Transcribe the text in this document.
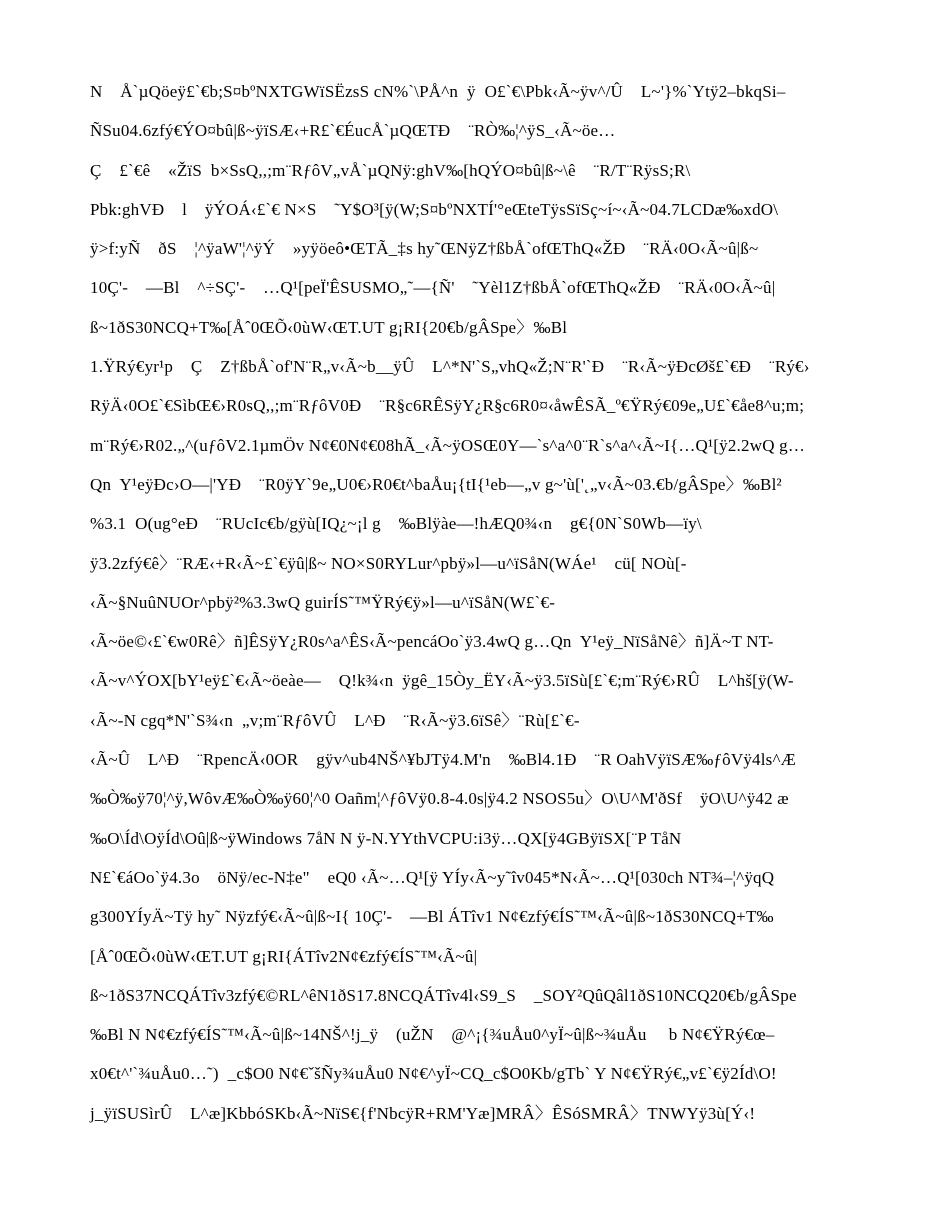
N    Å`µQöeÿ£`€b;S¤bºNXTGWïSËzsS cN%`\PÅ^n  ÿ  O£`€\Pbk‹Ã~ÿv^/Û    L~'}%`Ytÿ2–bkqSi–
ÑSu04.6zfý€ÝO¤bû|ß~ÿïSÆ‹+R£`€ÉucÅ`µQŒTÐ    ¨RÒ‰¦^ÿS_‹Ã~öe…
Ç    £`€ê    «ŽïS  b×SsQ,,;m¨RƒôV„vÅ`µQNÿ:ghV‰[hQÝO¤bû|ß~\ê    ¨R/T¨RÿsS;R\
Pbk:ghVÐ    l    ÿÝOÁ‹£`€ N×S    ˜Y$O³[ÿ(W;S¤bºNXTÍ'°eŒteTÿsSïSç~í~‹Ã~04.7LCDæ‰xdO\
ÿ>f:yÑ    ðS    ¦^ÿaW'¦^ÿÝ    »yÿöeô•ŒTÃ_‡s hy˜ŒNÿZ†ßbÅ`ofŒThQ«ŽÐ    ¨RÄ‹0O‹Ã~û|ß~
10Ç'-    —Bl    ^÷SÇ'-    …Q¹[peÏ'ÊSUSMO„˜—{Ñ'    ˜Yèl1Z†ßbÅ`ofŒThQ«ŽÐ    ¨RÄ‹0O‹Ã~û|
ß~1ðS30NCQ+T‰[Åˆ0ŒÕ‹0ùW‹ŒT.UT g¡RI{20€b/gÂSpe〉‰Bl
1.ŸRý€yr¹p    Ç    Z†ßbÅ`of'N¨R„v‹Ã~b__ÿÛ    L^*N'`S„vhQ«Ž;N¨R'`Ð    ¨R‹Ã~ÿÐcØš£`€Ð    ¨Rý€›
RÿÄ‹0O£`€SìbŒ€›R0sQ,,;m¨RƒôV0Ð    ¨R§c6RÊSÿY¿R§c6R0¤‹åwÊSÃ_º€ŸRý€09e„U£`€åe8^u;m;
m¨Rý€›R02.„^(uƒôV2.1µmÖv N¢€0N¢€08hÃ_‹Ã~ÿOSŒ0Y—`s^a^0¨R`s^a^‹Ã~I{…Q¹[ÿ2.2wQ g…
Qn  Y¹eÿÐc›O—|'YÐ    ¨R0ÿY`9e„U0€›R0€t^baÅu¡{tI{¹eb—„v g~'ù['˛„v‹Ã~03.€b/gÂSpe〉‰Bl²
%3.1  O(ug°eÐ    ¨RUcIc€b/gÿù[IQ¿~¡l g    ‰Blÿàe—!hÆQ0¾‹n    g€{0N`S0Wb—ïy\
ÿ3.2zfý€ê〉¨RÆ‹+R‹Ã~£`€ÿû|ß~ NO×S0RYLur^pbÿ»l—u^ïSåN(WÁe¹    cü[ NOù[-
‹Ã~§NuûNUOr^pbÿ²%3.3wQ guirÍS˜™ŸRý€ÿ»l—u^ïSåN(W£`€-
‹Ã~öe©‹£`€w0Rê〉ñ]ÊSÿY¿R0s^a^ÊS‹Ã~pencáOo`ÿ3.4wQ g…Qn  Y¹eÿ_NïSåNê〉ñ]Ä~T NT-
‹Ã~v^ÝOX[bY¹eÿ£`€‹Ã~öeàe—    Q!k¾‹n  ÿgê_15Òy_ËY‹Ã~ÿ3.5ïSù[£`€;m¨Rý€›RÛ    L^hš[ÿ(W-
‹Ã~-N cgq*N'`S¾‹n  „v;m¨RƒôVÛ    L^Ð    ¨R‹Ã~ÿ3.6ïSê〉¨Rù[£`€-
‹Ã~Û    L^Ð    ¨RpencÄ‹0OR    gÿv^ub4NŠ^¥bJTÿ4.M'n    ‰Bl4.1Ð    ¨R OahVÿïSÆ‰ƒôVÿ4ls^Æ
‰Ò‰ÿ70¦^ÿ,WôvÆ‰Ò‰ÿ60¦^0 Oañm¦^ƒôVÿ0.8-4.0s|ÿ4.2 NSOS5u〉O\U^M'ðSf    ÿO\U^ÿ42 æ
‰O\Íd\OÿÍd\Oû|ß~ÿWindows 7åN N ÿ-N.YYthVCPU:i3ÿ…QX[ÿ4GBÿïSX[¨P TåN
N£`€áOo`ÿ4.3o    öNÿ/ec-N‡e"    eQ0 ‹Ã~…Q¹[ÿ YÍy‹Ã~y˜îv045*N‹Ã~…Q¹[030ch NT¾–¦^ÿqQ
g300YÍyÄ~Tÿ hy˜ Nÿzfý€‹Ã~û|ß~I{ 10Ç'-    —Bl ÁTîv1 N¢€zfý€ÍS˜™‹Ã~û|ß~1ðS30NCQ+T‰
[Åˆ0ŒÕ‹0ùW‹ŒT.UT g¡RI{ÁTîv2N¢€zfý€ÍS˜™‹Ã~û|
ß~1ðS37NCQÁTîv3zfý€©RL^êN1ðS17.8NCQÁTîv4l‹S9_S    _SOY²QûQâl1ðS10NCQ20€b/gÂSpe
‰Bl N N¢€zfý€ÍS˜™‹Ã~û|ß~14NŠ^!j_ÿ    (uŽN    @^¡{¾uÅu0^yÏ~û|ß~¾uÅu     b N¢€ŸRý€œ–
x0€t^'`¾uÅu0…˜)  _c$O0 N¢€ˇšÑy¾uÅu0 N¢€^yÏ~CQ_c$O0Kb/gTb` Y N¢€ŸRý€„v£`€ÿ2Íd\O!
j_ÿïSUSìrÛ    L^æ]KbbóSKb‹Ã~NïS€{f'NbcÿR+RM'Yæ]MRÂ〉ÊSóSMRÂ〉TNWYÿ3ù[Ý‹!
